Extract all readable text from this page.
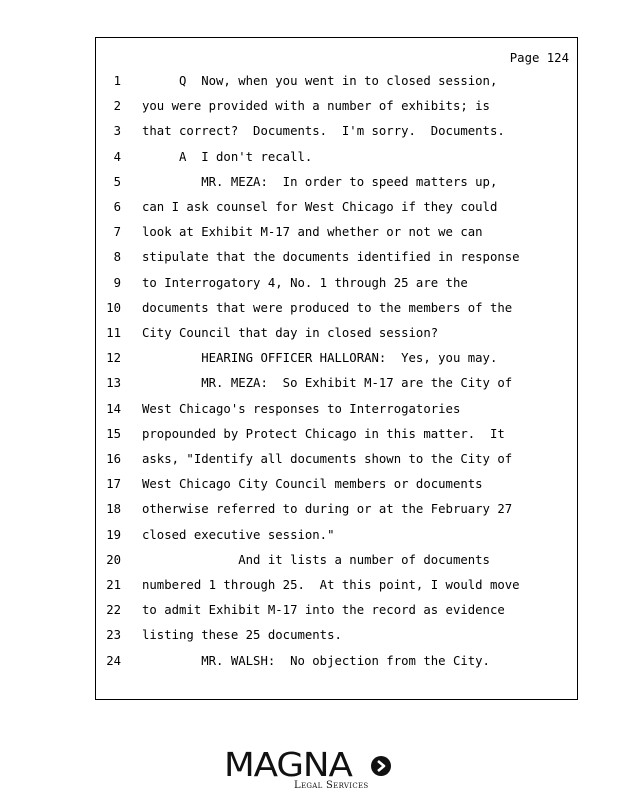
Page 124
1 Q  Now, when you went in to closed session,
2 you were provided with a number of exhibits; is
3 that correct?  Documents.  I'm sorry.  Documents.
4 A  I don't recall.
5 MR. MEZA:  In order to speed matters up,
6 can I ask counsel for West Chicago if they could
7 look at Exhibit M-17 and whether or not we can
8 stipulate that the documents identified in response
9 to Interrogatory 4, No. 1 through 25 are the
10 documents that were produced to the members of the
11 City Council that day in closed session?
12 HEARING OFFICER HALLORAN:  Yes, you may.
13 MR. MEZA:  So Exhibit M-17 are the City of
14 West Chicago's responses to Interrogatories
15 propounded by Protect Chicago in this matter.  It
16 asks, "Identify all documents shown to the City of
17 West Chicago City Council members or documents
18 otherwise referred to during or at the February 27
19 closed executive session."
20 And it lists a number of documents
21 numbered 1 through 25.  At this point, I would move
22 to admit Exhibit M-17 into the record as evidence
23 listing these 25 documents.
24 MR. WALSH:  No objection from the City.
MAGNA
Legal Services
